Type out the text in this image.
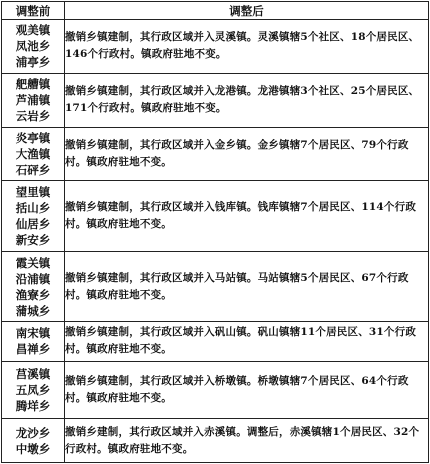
调整前	调整后

观美镇
凤池乡
浦亭乡	撤销乡镇建制，其行政区域并入灵溪镇。灵溪镇辖5个社区、18个居民区、146个行政村。镇政府驻地不变。

舥艚镇
芦浦镇
云岩乡	撤销乡镇建制，其行政区域并入龙港镇。龙港镇辖3个社区、25个居民区、171个行政村。镇政府驻地不变。

炎亭镇
大渔镇
石砰乡	撤销乡镇建制，其行政区域并入金乡镇。金乡镇辖7个居民区、79个行政村。镇政府驻地不变。

望里镇
括山乡
仙居乡
新安乡	撤销乡镇建制，其行政区域并入钱库镇。钱库镇辖7个居民区、114个行政村。镇政府驻地不变。

霞关镇
沿浦镇
渔寮乡
蒲城乡	撤销乡镇建制，其行政区域并入马站镇。马站镇辖5个居民区、67个行政村。镇政府驻地不变。

南宋镇
昌禅乡	撤销乡镇建制，其行政区域并入矾山镇。矾山镇辖11个居民区、31个行政村。镇政府驻地不变。

莒溪镇
五凤乡
腾垟乡	撤销乡镇建制，其行政区域并入桥墩镇。桥墩镇辖7个居民区、64个行政村。镇政府驻地不变。

龙沙乡
中墩乡	撤销乡建制，其行政区域并入赤溪镇。调整后，赤溪镇辖1个居民区、32个行政村。镇政府驻地不变。
